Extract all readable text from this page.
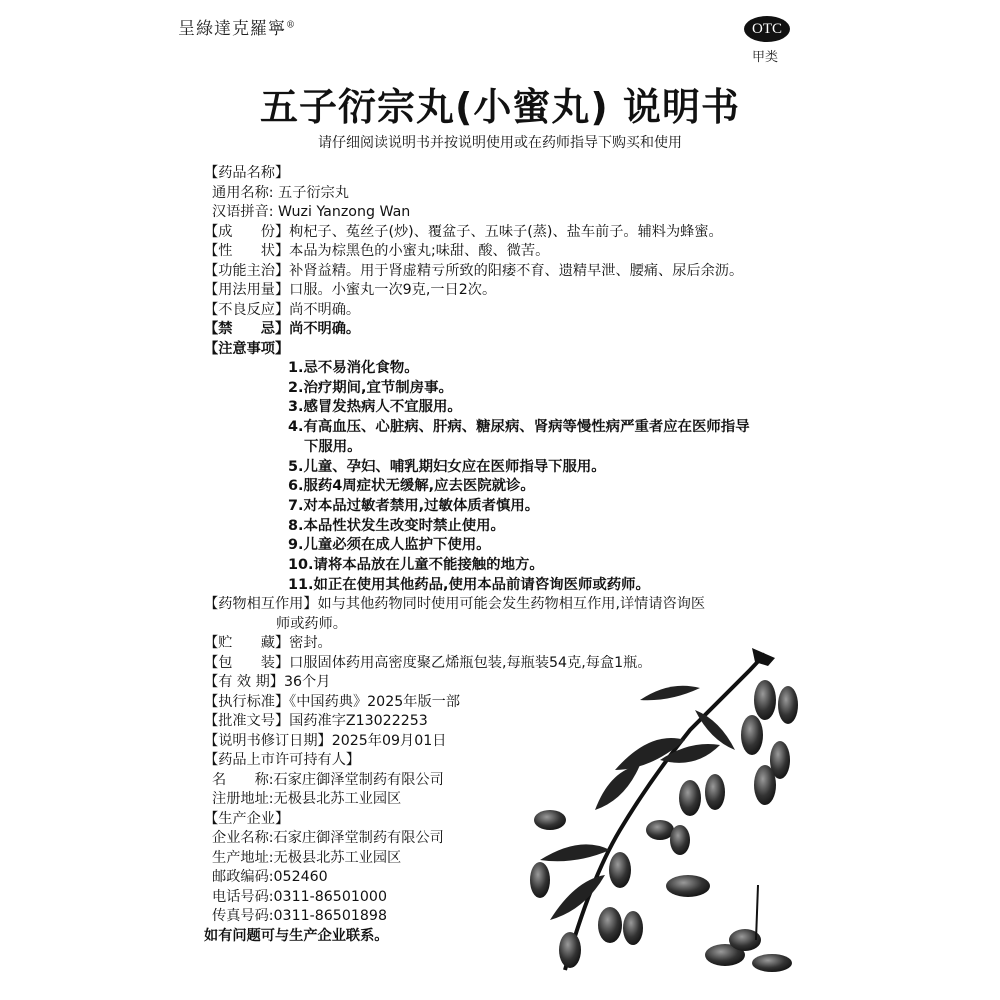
呈綠達克羅寧®	OTC
甲类
五子衍宗丸(小蜜丸) 说明书
请仔细阅读说明书并按说明使用或在药师指导下购买和使用
【药品名称】
通用名称: 五子衍宗丸
汉语拼音: Wuzi Yanzong Wan
【成　　份】枸杞子、菟丝子(炒)、覆盆子、五味子(蒸)、盐车前子。辅料为蜂蜜。
【性　　状】本品为棕黑色的小蜜丸;味甜、酸、微苦。
【功能主治】补肾益精。用于肾虚精亏所致的阳痿不育、遗精早泄、腰痛、尿后余沥。
【用法用量】口服。小蜜丸一次9克,一日2次。
【不良反应】尚不明确。
【禁　　忌】尚不明确。
【注意事项】
1.忌不易消化食物。
2.治疗期间,宜节制房事。
3.感冒发热病人不宜服用。
4.有高血压、心脏病、肝病、糖尿病、肾病等慢性病严重者应在医师指导
下服用。
5.儿童、孕妇、哺乳期妇女应在医师指导下服用。
6.服药4周症状无缓解,应去医院就诊。
7.对本品过敏者禁用,过敏体质者慎用。
8.本品性状发生改变时禁止使用。
9.儿童必须在成人监护下使用。
10.请将本品放在儿童不能接触的地方。
11.如正在使用其他药品,使用本品前请咨询医师或药师。
【药物相互作用】如与其他药物同时使用可能会发生药物相互作用,详情请咨询医
师或药师。
【贮　　藏】密封。
【包　　装】口服固体药用高密度聚乙烯瓶包装,每瓶装54克,每盒1瓶。
【有 效 期】36个月
【执行标准】《中国药典》2025年版一部
【批准文号】国药准字Z13022253
【说明书修订日期】2025年09月01日
【药品上市许可持有人】
名　　称:石家庄御泽堂制药有限公司
注册地址:无极县北苏工业园区
【生产企业】
企业名称:石家庄御泽堂制药有限公司
生产地址:无极县北苏工业园区
邮政编码:052460
电话号码:0311-86501000
传真号码:0311-86501898
如有问题可与生产企业联系。
